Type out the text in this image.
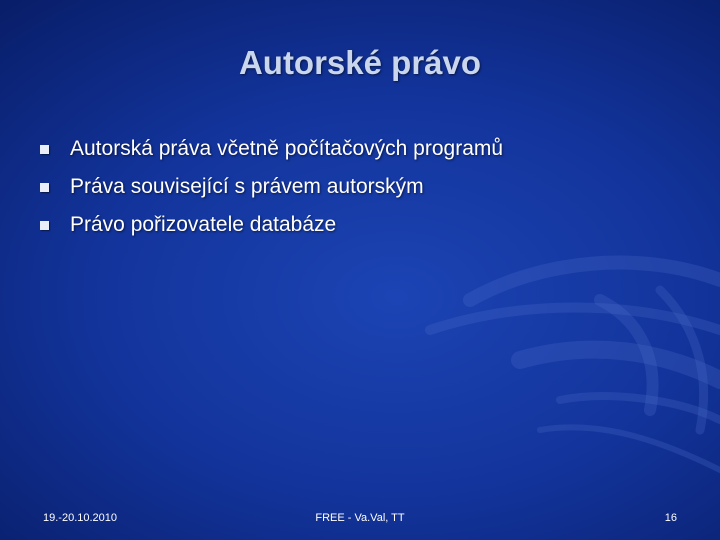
Autorské právo
Autorská práva včetně počítačových programů
Práva související s právem autorským
Právo pořizovatele databáze
19.-20.10.2010	FREE - Va.Val, TT	16
